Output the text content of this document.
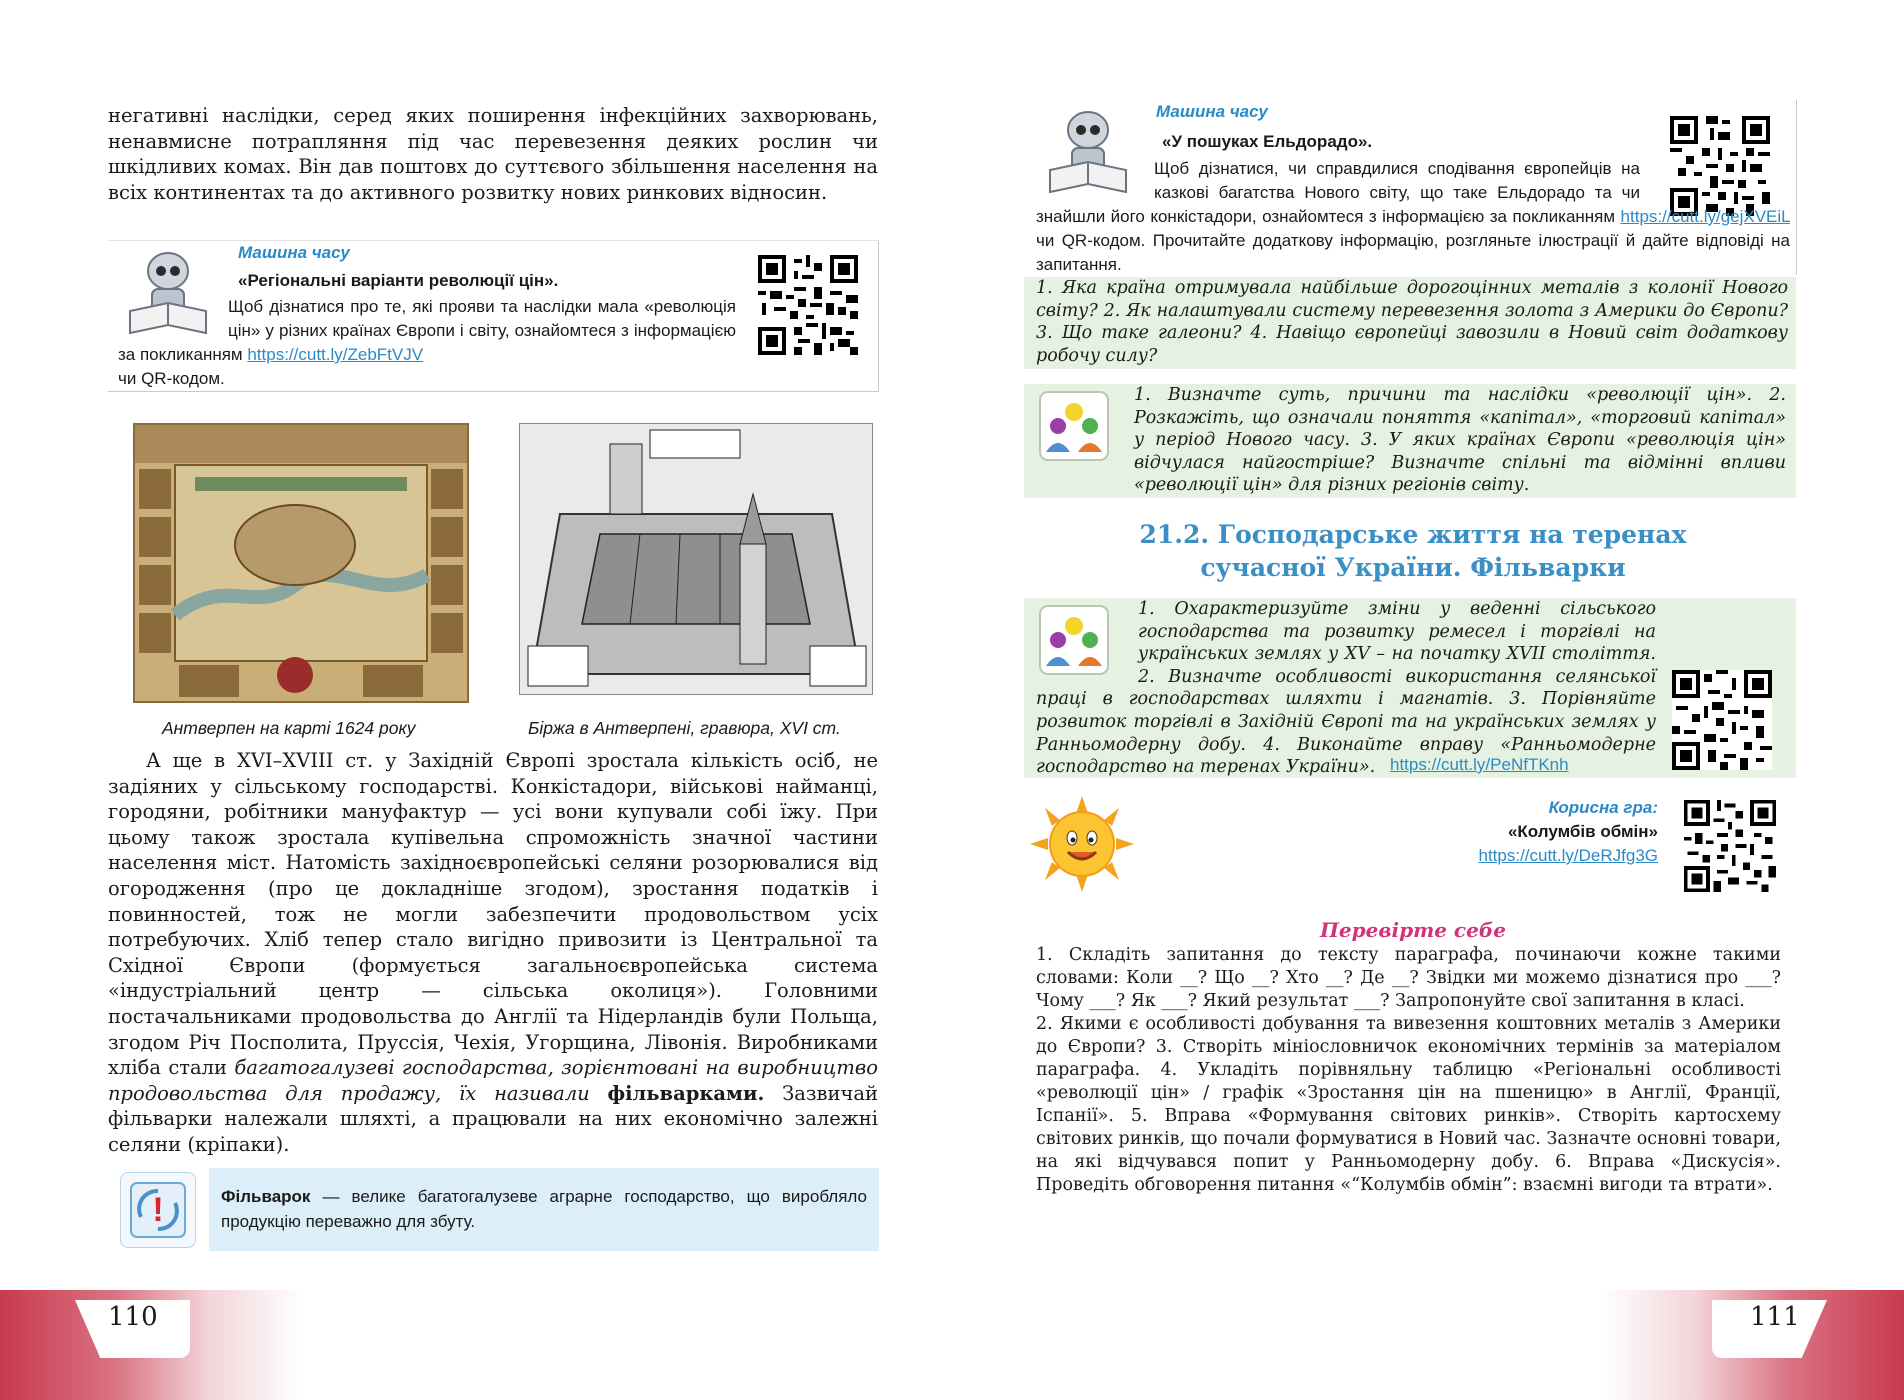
негативні наслідки, серед яких поширення інфекційних захворювань, ненавмисне потрапляння під час перевезення деяких рослин чи шкідливих комах. Він дав поштовх до суттєвого збільшення населення на всіх континентах та до активного розвитку нових ринкових відносин.
Машина часу
«Регіональні варіанти революції цін».
Щоб дізнатися про те, які прояви та наслідки мала «революція цін» у різних країнах Європи і світу, ознайомтеся з інформацією за покликанням https://cutt.ly/ZebFtVJV
чи QR-кодом.
Антверпен на карті 1624 року	Біржа в Антверпені, гравюра, XVI ст.
А ще в XVI–XVIII ст. у Західній Європі зростала кількість осіб, не задіяних у сільському господарстві. Конкістадори, військові найманці, городяни, робітники мануфактур — усі вони купували собі їжу. При цьому також зростала купівельна спроможність значної частини населення міст. Натомість західноєвропейські селяни розорювалися від огородження (про це докладніше згодом), зростання податків і повинностей, тож не могли забезпечити продовольством усіх потребуючих. Хліб тепер стало вигідно привозити із Центральної та Східної Європи (формується загальноєвропейська система «індустріальний центр — сільська околиця»). Головними постачальниками продовольства до Англії та Нідерландів були Польща, згодом Річ Посполита, Пруссія, Чехія, Угорщина, Лівонія. Виробниками хліба стали багатогалузеві господарства, зорієнтовані на виробництво продовольства для продажу, їх називали фільварками. Зазвичай фільварки належали шляхті, а працювали на них економічно залежні селяни (кріпаки).
!	Фільварок — велике багатогалузеве аграрне господарство, що виробляло продукцію переважно для збуту.
110
Машина часу
«У пошуках Ельдорадо».
Щоб дізнатися, чи справдилися сподівання європейців на казкові багатства Нового світу, що таке Ельдорадо та чи знайшли його конкістадори, ознайомтеся з інформацією за покликанням https://cutt.ly/gejXVEiL чи QR-кодом. Прочитайте додаткову інформацію, розгляньте ілюстрації й дайте відповіді на запитання.
1. Яка країна отримувала найбільше дорогоцінних металів з колонії Нового світу? 2. Як налаштували систему перевезення золота з Америки до Європи? 3. Що таке галеони? 4. Навіщо європейці завозили в Новий світ додаткову робочу силу?
1. Визначте суть, причини та наслідки «революції цін». 2. Розкажіть, що означали поняття «капітал», «торговий капітал» у період Нового часу. 3. У яких країнах Європи «революція цін» відчулася найгостріше? Визначте спільні та відмінні впливи «революції цін» для різних регіонів світу.
21.2. Господарське життя на теренах
сучасної України. Фільварки
1. Охарактеризуйте зміни у веденні сільського господарства та розвитку ремесел і торгівлі на українських землях у XV – на початку XVII століття. 2. Визначте особливості використання селянської праці в господарствах шляхти і магнатів. 3. Порівняйте розвиток торгівлі в Західній Європі та на українських землях у Ранньомодерну добу. 4. Виконайте вправу «Ранньомодерне господарство на теренах України». https://cutt.ly/PeNfTKnh
Корисна гра:
«Колумбів обмін»
https://cutt.ly/DeRJfg3G
Перевірте себе

1. Складіть запитання до тексту параграфа, починаючи кожне такими словами: Коли __? Що __? Хто __? Де __? Звідки ми можемо дізнатися про ___? Чому ___? Як ___? Який результат ___? Запропонуйте свої запитання в класі.

2. Якими є особливості добування та вивезення коштовних металів з Америки до Європи? 3. Створіть мініословничок економічних термінів за матеріалом параграфа. 4. Укладіть порівняльну таблицю «Регіональні особливості «революції цін» / графік «Зростання цін на пшеницю» в Англії, Франції, Іспанії». 5. Вправа «Формування світових ринків». Створіть картосхему світових ринків, що почали формуватися в Новий час. Зазначте основні товари, на які відчувався попит у Ранньомодерну добу. 6. Вправа «Дискусія». Проведіть обговорення питання «“Колумбів обмін”: взаємні вигоди та втрати».

111
